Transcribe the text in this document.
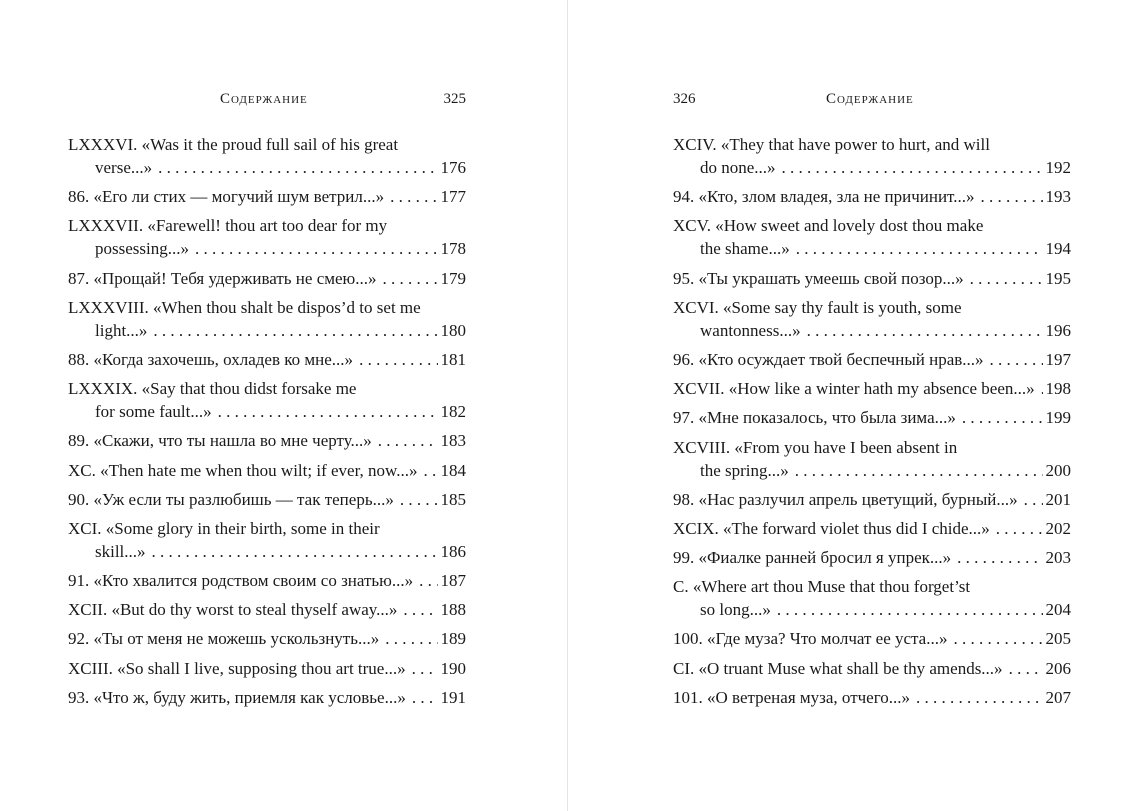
Содержание	325
LXXXVI. «Was it the proud full sail of his great
verse...» . . .	176
86. «Его ли стих — могучий шум ветрил...» . . .	177
LXXXVII. «Farewell! thou art too dear for my
possessing...» . . .	178
87. «Прощай! Тебя удерживать не смею...» . . .	179
LXXXVIII. «When thou shalt be dispos’d to set me
light...» . . .	180
88. «Когда захочешь, охладев ко мне...» . . .	181
LXXXIX. «Say that thou didst forsake me
for some fault...» . . .	182
89. «Скажи, что ты нашла во мне черту...» . . .	183
XC. «Then hate me when thou wilt; if ever, now...» . . . 184
90. «Уж если ты разлюбишь — так теперь...» . . .	185
XCI. «Some glory in their birth, some in their
skill...» . . .	186
91. «Кто хвалится родством своим со знатью...» . . . 187
XCII. «But do thy worst to steal thyself away...» . . .	188
92. «Ты от меня не можешь ускользнуть...» . . .	189
XCIII. «So shall I live, supposing thou art true...» . . . 190
93. «Что ж, буду жить, приемля как условье...» . . . 191
326	Содержание
XCIV. «They that have power to hurt, and will
do none...» . . .	192
94. «Кто, злом владея, зла не причинит...» . . .	193
XCV. «How sweet and lovely dost thou make
the shame...» . . .	194
95. «Ты украшать умеешь свой позор...» . . .	195
XCVI. «Some say thy fault is youth, some
wantonness...» . . .	196
96. «Кто осуждает твой беспечный нрав...» . . .	197
XCVII. «How like a winter hath my absence been...» . . . 198
97. «Мне показалось, что была зима...» . . .	199
XCVIII. «From you have I been absent in
the spring...» . . .	200
98. «Нас разлучил апрель цветущий, бурный...» . . . 201
XCIX. «The forward violet thus did I chide...» . . .	202
99. «Фиалке ранней бросил я упрек...» . . .	203
C. «Where art thou Muse that thou forget’st
so long...» . . .	204
100. «Где муза? Что молчат ее уста...» . . .	205
CI. «O truant Muse what shall be thy amends...» . . .	206
101. «О ветреная муза, отчего...» . . .	207
